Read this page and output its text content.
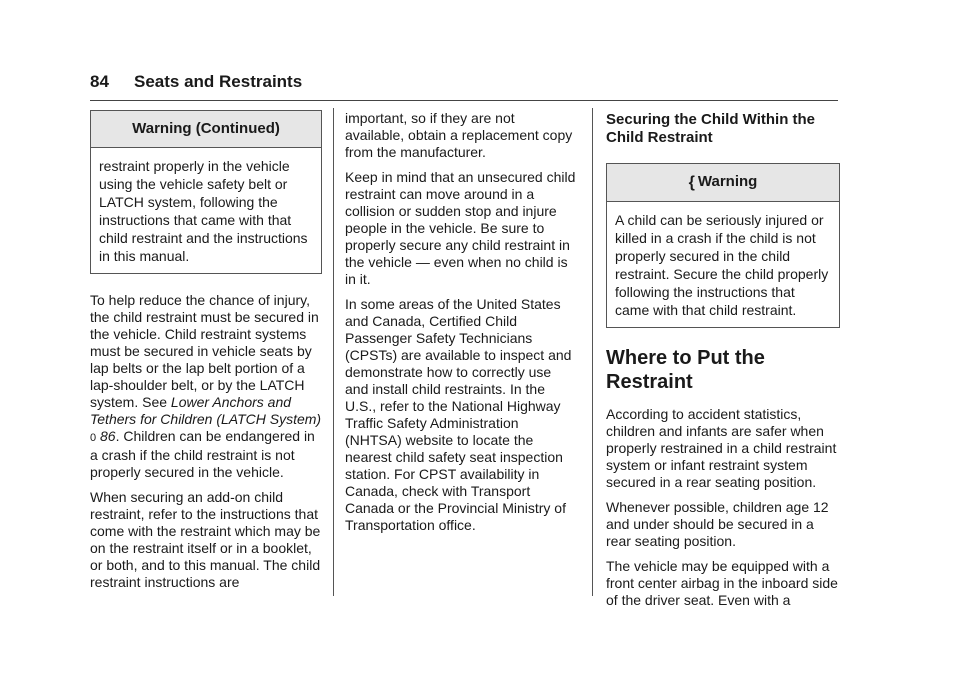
84 Seats and Restraints
Warning (Continued)
restraint properly in the vehicle using the vehicle safety belt or LATCH system, following the instructions that came with that child restraint and the instructions in this manual.

To help reduce the chance of injury, the child restraint must be secured in the vehicle. Child restraint systems must be secured in vehicle seats by lap belts or the lap belt portion of a lap-shoulder belt, or by the LATCH system. See Lower Anchors and Tethers for Children (LATCH System) 0 86. Children can be endangered in a crash if the child restraint is not properly secured in the vehicle.

When securing an add-on child restraint, refer to the instructions that come with the restraint which may be on the restraint itself or in a booklet, or both, and to this manual. The child restraint instructions are

important, so if they are not available, obtain a replacement copy from the manufacturer.

Keep in mind that an unsecured child restraint can move around in a collision or sudden stop and injure people in the vehicle. Be sure to properly secure any child restraint in the vehicle — even when no child is in it.

In some areas of the United States and Canada, Certified Child Passenger Safety Technicians (CPSTs) are available to inspect and demonstrate how to correctly use and install child restraints. In the U.S., refer to the National Highway Traffic Safety Administration (NHTSA) website to locate the nearest child safety seat inspection station. For CPST availability in Canada, check with Transport Canada or the Provincial Ministry of Transportation office.

Securing the Child Within the Child Restraint
{ Warning
A child can be seriously injured or killed in a crash if the child is not properly secured in the child restraint. Secure the child properly following the instructions that came with that child restraint.
Where to Put the Restraint

According to accident statistics, children and infants are safer when properly restrained in a child restraint system or infant restraint system secured in a rear seating position.

Whenever possible, children age 12 and under should be secured in a rear seating position.

The vehicle may be equipped with a front center airbag in the inboard side of the driver seat. Even with a
